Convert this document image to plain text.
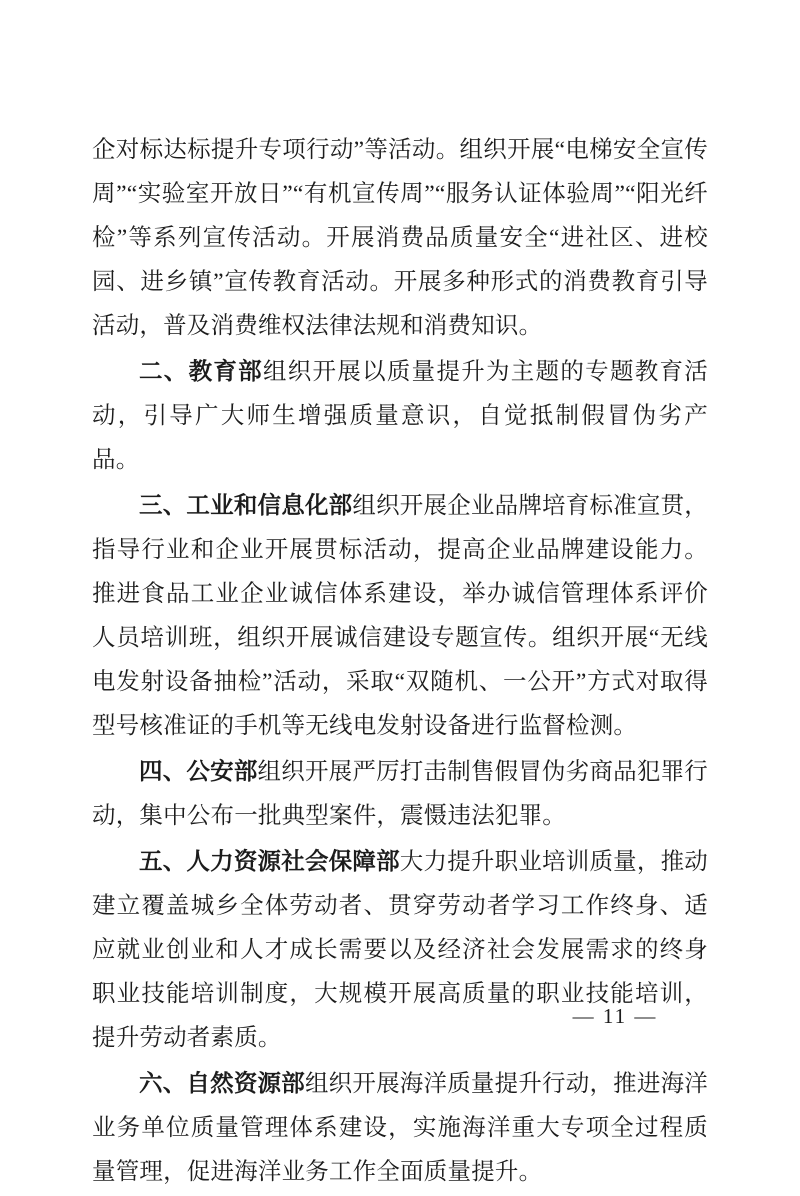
企对标达标提升专项行动”等活动。组织开展“电梯安全宣传周”“实验室开放日”“有机宣传周”“服务认证体验周”“阳光纤检”等系列宣传活动。开展消费品质量安全“进社区、进校园、进乡镇”宣传教育活动。开展多种形式的消费教育引导活动，普及消费维权法律法规和消费知识。

二、教育部组织开展以质量提升为主题的专题教育活动，引导广大师生增强质量意识，自觉抵制假冒伪劣产品。

三、工业和信息化部组织开展企业品牌培育标准宣贯，指导行业和企业开展贯标活动，提高企业品牌建设能力。推进食品工业企业诚信体系建设，举办诚信管理体系评价人员培训班，组织开展诚信建设专题宣传。组织开展“无线电发射设备抽检”活动，采取“双随机、一公开”方式对取得型号核准证的手机等无线电发射设备进行监督检测。

四、公安部组织开展严厉打击制售假冒伪劣商品犯罪行动，集中公布一批典型案件，震慑违法犯罪。

五、人力资源社会保障部大力提升职业培训质量，推动建立覆盖城乡全体劳动者、贯穿劳动者学习工作终身、适应就业创业和人才成长需要以及经济社会发展需求的终身职业技能培训制度，大规模开展高质量的职业技能培训，提升劳动者素质。

六、自然资源部组织开展海洋质量提升行动，推进海洋业务单位质量管理体系建设，实施海洋重大专项全过程质量管理，促进海洋业务工作全面质量提升。

— 11 —
